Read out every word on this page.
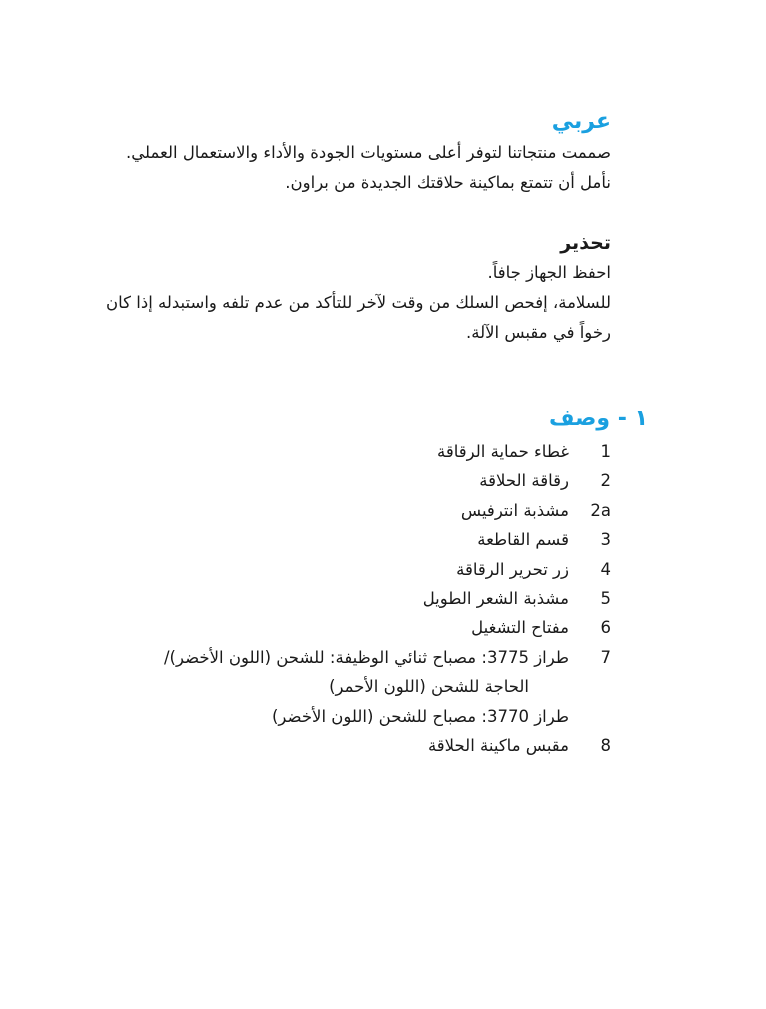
عربي

صممت منتجاتنا لتوفر أعلى مستويات الجودة والأداء والاستعمال العملي.

نأمل أن تتمتع بماكينة حلاقتك الجديدة من براون.

تحذير

احفظ الجهاز جافاً.

للسلامة، إفحص السلك من وقت لآخر للتأكد من عدم تلفه واستبدله إذا كان

رخواً في مقبس الآلة.

١ - وصف
1
غطاء حماية الرقاقة
2
رقاقة الحلاقة
2a
مشذبة انترفيس
3
قسم القاطعة
4
زر تحرير الرقاقة
5
مشذبة الشعر الطويل
6
مفتاح التشغيل
7
طراز 3775: مصباح ثنائي الوظيفة: للشحن (اللون الأخضر)/
الحاجة للشحن (اللون الأحمر)
طراز 3770: مصباح للشحن (اللون الأخضر)
8
مقبس ماكينة الحلاقة
